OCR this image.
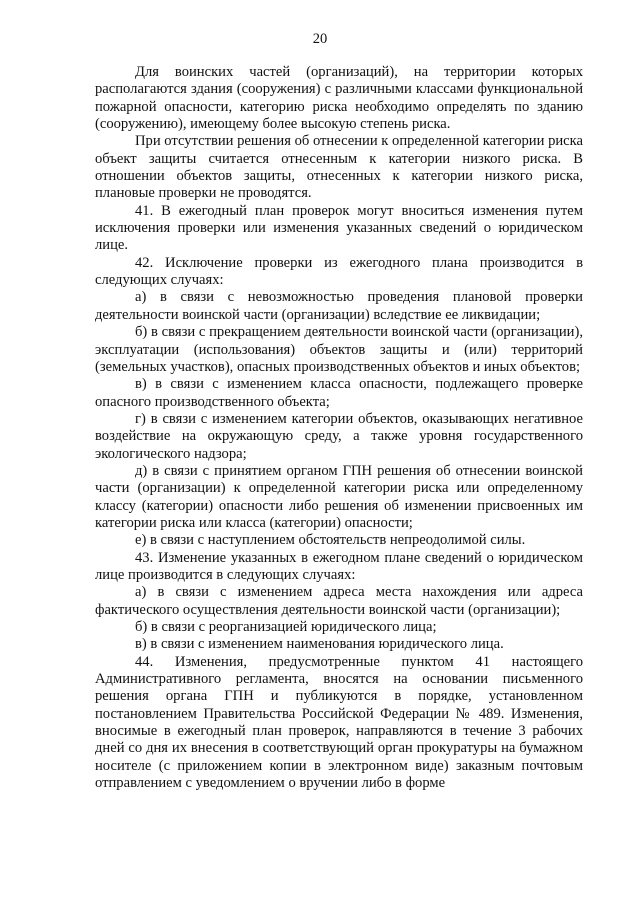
20

Для воинских частей (организаций), на территории которых располагаются здания (сооружения) с различными классами функциональной пожарной опасности, категорию риска необходимо определять по зданию (сооружению), имеющему более высокую степень риска.

При отсутствии решения об отнесении к определенной категории риска объект защиты считается отнесенным к категории низкого риска. В отношении объектов защиты, отнесенных к категории низкого риска, плановые проверки не проводятся.

41. В ежегодный план проверок могут вноситься изменения путем исключения проверки или изменения указанных сведений о юридическом лице.

42. Исключение проверки из ежегодного плана производится в следующих случаях:

а) в связи с невозможностью проведения плановой проверки деятельности воинской части (организации) вследствие ее ликвидации;

б) в связи с прекращением деятельности воинской части (организации), эксплуатации (использования) объектов защиты и (или) территорий (земельных участков), опасных производственных объектов и иных объектов;

в) в связи с изменением класса опасности, подлежащего проверке опасного производственного объекта;

г) в связи с изменением категории объектов, оказывающих негативное воздействие на окружающую среду, а также уровня государственного экологического надзора;

д) в связи с принятием органом ГПН решения об отнесении воинской части (организации) к определенной категории риска или определенному классу (категории) опасности либо решения об изменении присвоенных им категории риска или класса (категории) опасности;

е) в связи с наступлением обстоятельств непреодолимой силы.

43. Изменение указанных в ежегодном плане сведений о юридическом лице производится в следующих случаях:

а) в связи с изменением адреса места нахождения или адреса фактического осуществления деятельности воинской части (организации);

б) в связи с реорганизацией юридического лица;

в) в связи с изменением наименования юридического лица.

44. Изменения, предусмотренные пунктом 41 настоящего Административного регламента, вносятся на основании письменного решения органа ГПН и публикуются в порядке, установленном постановлением Правительства Российской Федерации № 489. Изменения, вносимые в ежегодный план проверок, направляются в течение 3 рабочих дней со дня их внесения в соответствующий орган прокуратуры на бумажном носителе (с приложением копии в электронном виде) заказным почтовым отправлением с уведомлением о вручении либо в форме
